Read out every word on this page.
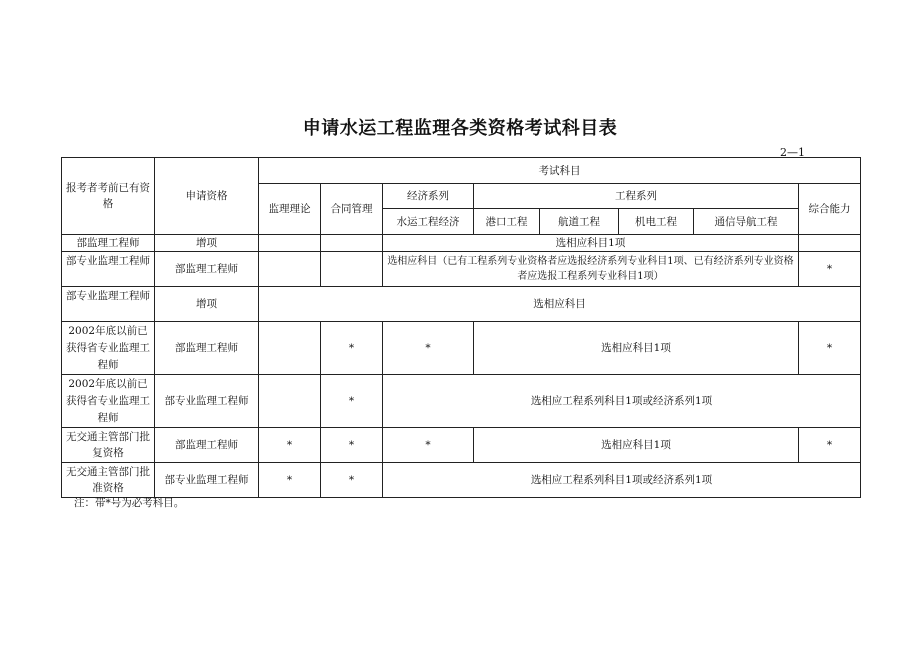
申请水运工程监理各类资格考试科目表
2—1
报考者考前已有资格	申请资格	考试科目							
		监理理论	合同管理	经济系列	工程系列				综合能力
				水运工程经济	港口工程	航道工程	机电工程	通信导航工程	
部监理工程师	增项			选相应科目1项					
部专业监理工程师	部监理工程师			选相应科目（已有工程系列专业资格者应选报经济系列专业科目1项、已有经济系列专业资格者应选报工程系列专业科目1项）					*
部专业监理工程师	增项	选相应科目							
2002年底以前已获得省专业监理工程师	部监理工程师		*	*	选相应科目1项				*
2002年底以前已获得省专业监理工程师	部专业监理工程师		*	选相应工程系列科目1项或经济系列1项					
无交通主管部门批复资格	部监理工程师	*	*	*	选相应科目1项				*
无交通主管部门批准资格	部专业监理工程师	*	*	选相应工程系列科目1项或经济系列1项					
注：带*号为必考科目。
